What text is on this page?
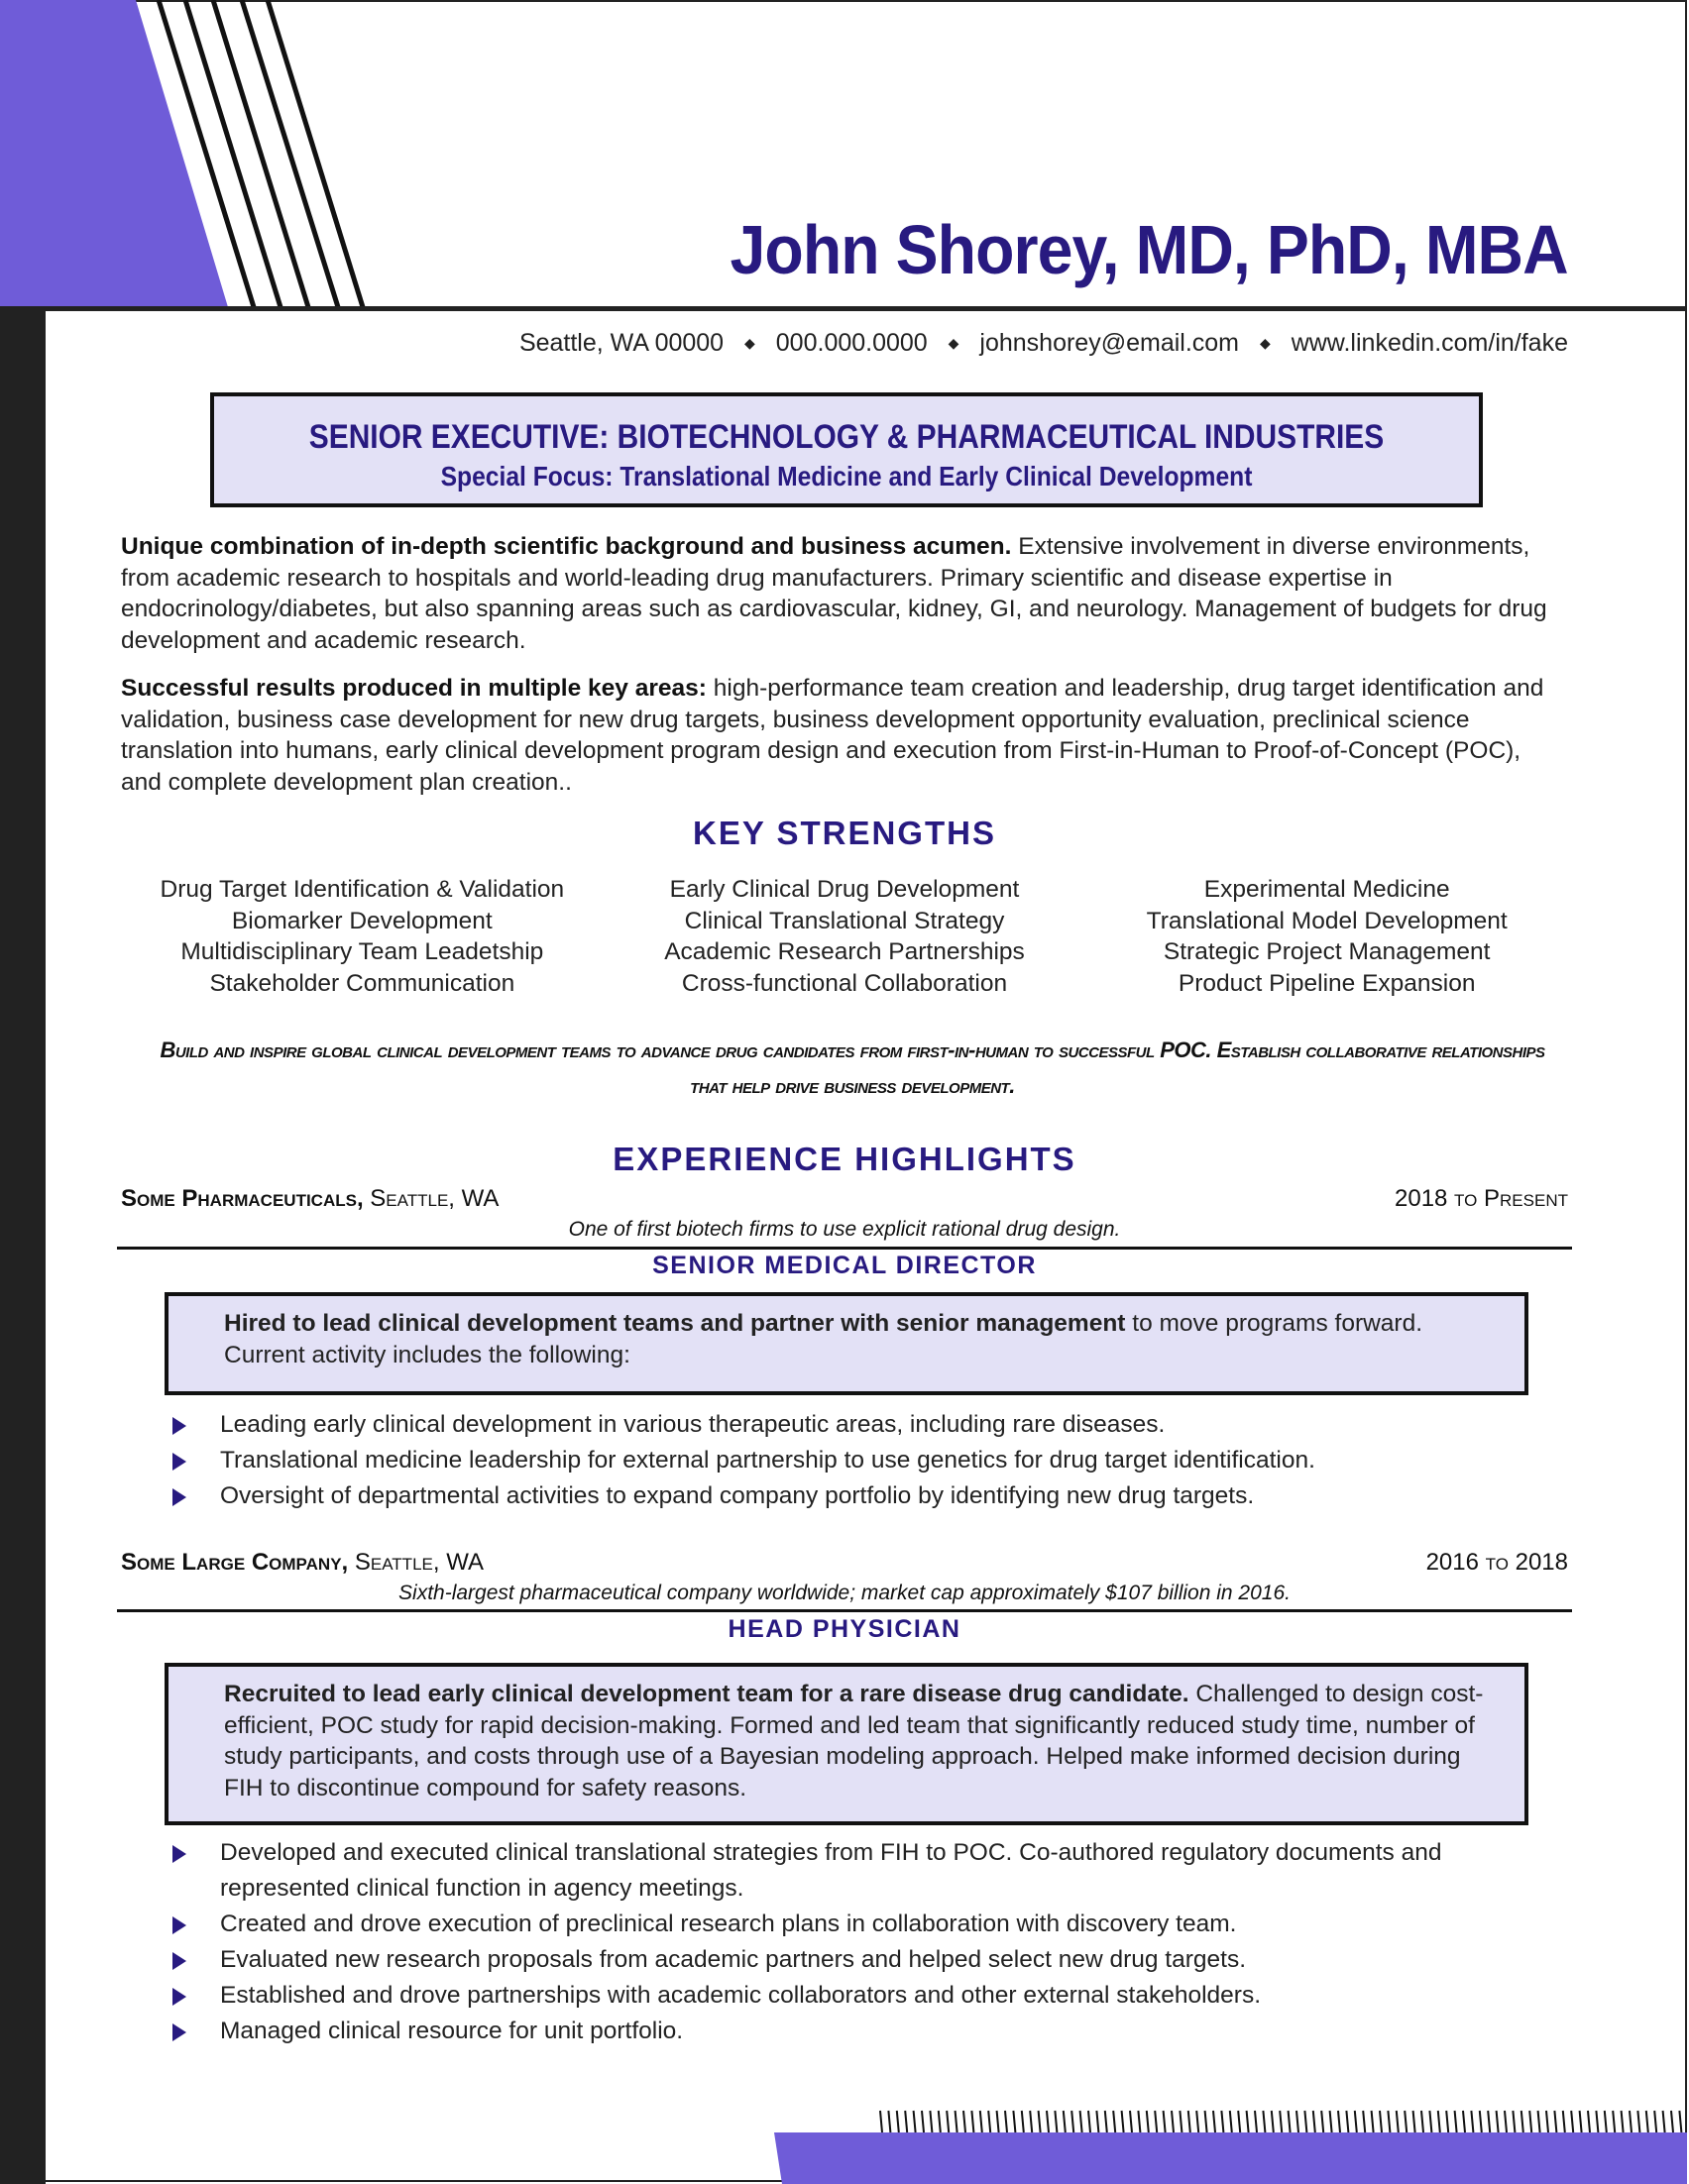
John Shorey, MD, PhD, MBA
Seattle, WA 00000 ◆ 000.000.0000 ◆ johnshorey@email.com ◆ www.linkedin.com/in/fake
SENIOR EXECUTIVE: BIOTECHNOLOGY & PHARMACEUTICAL INDUSTRIES
Special Focus: Translational Medicine and Early Clinical Development
Unique combination of in-depth scientific background and business acumen. Extensive involvement in diverse environments, from academic research to hospitals and world-leading drug manufacturers. Primary scientific and disease expertise in endocrinology/diabetes, but also spanning areas such as cardiovascular, kidney, GI, and neurology. Management of budgets for drug development and academic research.
Successful results produced in multiple key areas: high-performance team creation and leadership, drug target identification and validation, business case development for new drug targets, business development opportunity evaluation, preclinical science translation into humans, early clinical development program design and execution from First-in-Human to Proof-of-Concept (POC), and complete development plan creation..
KEY STRENGTHS
Drug Target Identification & Validation
Biomarker Development
Multidisciplinary Team Leadetship
Stakeholder Communication
Early Clinical Drug Development
Clinical Translational Strategy
Academic Research Partnerships
Cross-functional Collaboration
Experimental Medicine
Translational Model Development
Strategic Project Management
Product Pipeline Expansion
Build and inspire global clinical development teams to advance drug candidates from first-in-human to successful POC. Establish collaborative relationships that help drive business development.
EXPERIENCE HIGHLIGHTS
Some Pharmaceuticals, Seattle, WA	2018 to Present
One of first biotech firms to use explicit rational drug design.
SENIOR MEDICAL DIRECTOR
Hired to lead clinical development teams and partner with senior management to move programs forward. Current activity includes the following:
Leading early clinical development in various therapeutic areas, including rare diseases.
Translational medicine leadership for external partnership to use genetics for drug target identification.
Oversight of departmental activities to expand company portfolio by identifying new drug targets.
Some Large Company, Seattle, WA	2016 to 2018
Sixth-largest pharmaceutical company worldwide; market cap approximately $107 billion in 2016.
HEAD PHYSICIAN
Recruited to lead early clinical development team for a rare disease drug candidate. Challenged to design cost-efficient, POC study for rapid decision-making. Formed and led team that significantly reduced study time, number of study participants, and costs through use of a Bayesian modeling approach. Helped make informed decision during FIH to discontinue compound for safety reasons.
Developed and executed clinical translational strategies from FIH to POC. Co-authored regulatory documents and represented clinical function in agency meetings.
Created and drove execution of preclinical research plans in collaboration with discovery team.
Evaluated new research proposals from academic partners and helped select new drug targets.
Established and drove partnerships with academic collaborators and other external stakeholders.
Managed clinical resource for unit portfolio.
